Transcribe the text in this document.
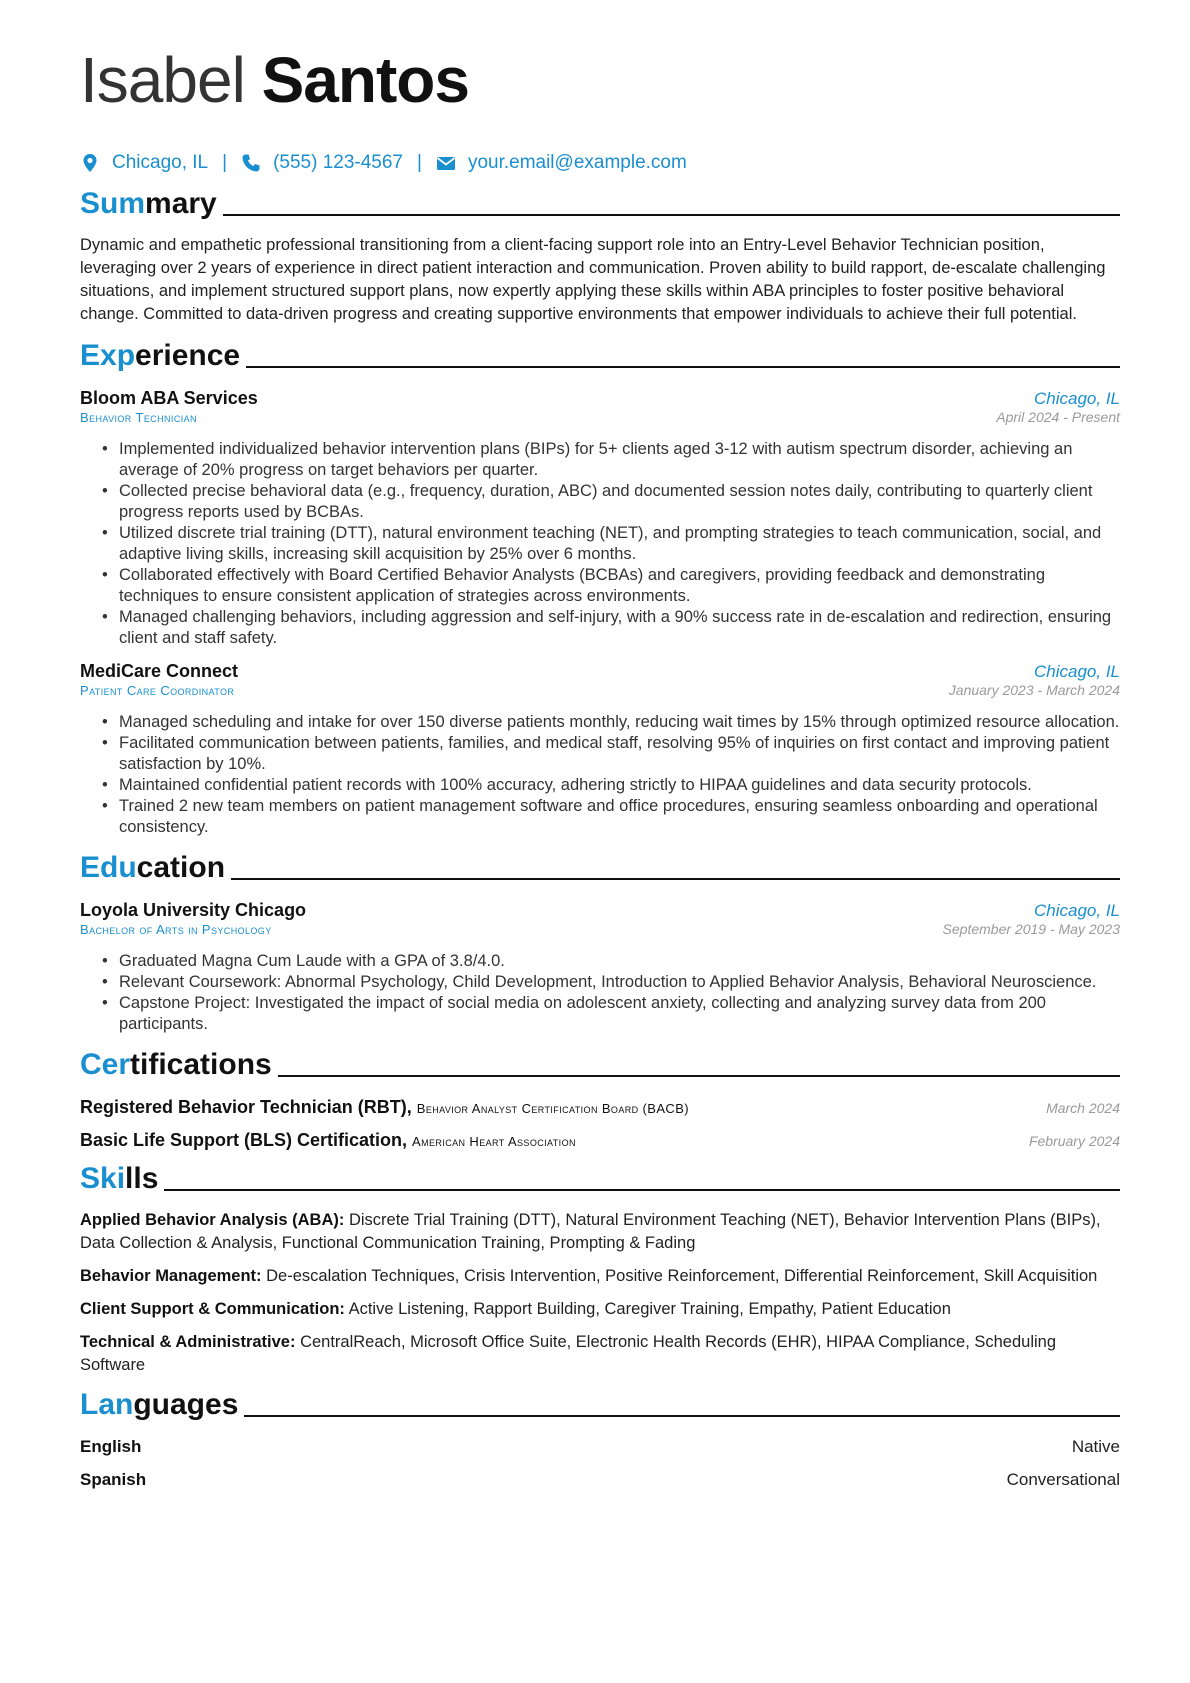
Isabel Santos
Chicago, IL | (555) 123-4567 | your.email@example.com
Summary

Dynamic and empathetic professional transitioning from a client-facing support role into an Entry-Level Behavior Technician position, leveraging over 2 years of experience in direct patient interaction and communication. Proven ability to build rapport, de-escalate challenging situations, and implement structured support plans, now expertly applying these skills within ABA principles to foster positive behavioral change. Committed to data-driven progress and creating supportive environments that empower individuals to achieve their full potential.

Experience
Bloom ABA Services	Chicago, IL
Behavior Technician	April 2024 - Present
• Implemented individualized behavior intervention plans (BIPs) for 5+ clients aged 3-12 with autism spectrum disorder, achieving an average of 20% progress on target behaviors per quarter.
• Collected precise behavioral data (e.g., frequency, duration, ABC) and documented session notes daily, contributing to quarterly client progress reports used by BCBAs.
• Utilized discrete trial training (DTT), natural environment teaching (NET), and prompting strategies to teach communication, social, and adaptive living skills, increasing skill acquisition by 25% over 6 months.
• Collaborated effectively with Board Certified Behavior Analysts (BCBAs) and caregivers, providing feedback and demonstrating techniques to ensure consistent application of strategies across environments.
• Managed challenging behaviors, including aggression and self-injury, with a 90% success rate in de-escalation and redirection, ensuring client and staff safety.
MediCare Connect	Chicago, IL
Patient Care Coordinator	January 2023 - March 2024
• Managed scheduling and intake for over 150 diverse patients monthly, reducing wait times by 15% through optimized resource allocation.
• Facilitated communication between patients, families, and medical staff, resolving 95% of inquiries on first contact and improving patient satisfaction by 10%.
• Maintained confidential patient records with 100% accuracy, adhering strictly to HIPAA guidelines and data security protocols.
• Trained 2 new team members on patient management software and office procedures, ensuring seamless onboarding and operational consistency.
Education
Loyola University Chicago	Chicago, IL
Bachelor of Arts in Psychology	September 2019 - May 2023
• Graduated Magna Cum Laude with a GPA of 3.8/4.0.
• Relevant Coursework: Abnormal Psychology, Child Development, Introduction to Applied Behavior Analysis, Behavioral Neuroscience.
• Capstone Project: Investigated the impact of social media on adolescent anxiety, collecting and analyzing survey data from 200 participants.
Certifications
Registered Behavior Technician (RBT), Behavior Analyst Certification Board (BACB)	March 2024
Basic Life Support (BLS) Certification, American Heart Association	February 2024
Skills
Applied Behavior Analysis (ABA): Discrete Trial Training (DTT), Natural Environment Teaching (NET), Behavior Intervention Plans (BIPs), Data Collection & Analysis, Functional Communication Training, Prompting & Fading
Behavior Management: De-escalation Techniques, Crisis Intervention, Positive Reinforcement, Differential Reinforcement, Skill Acquisition
Client Support & Communication: Active Listening, Rapport Building, Caregiver Training, Empathy, Patient Education
Technical & Administrative: CentralReach, Microsoft Office Suite, Electronic Health Records (EHR), HIPAA Compliance, Scheduling Software
Languages
English	Native
Spanish	Conversational
